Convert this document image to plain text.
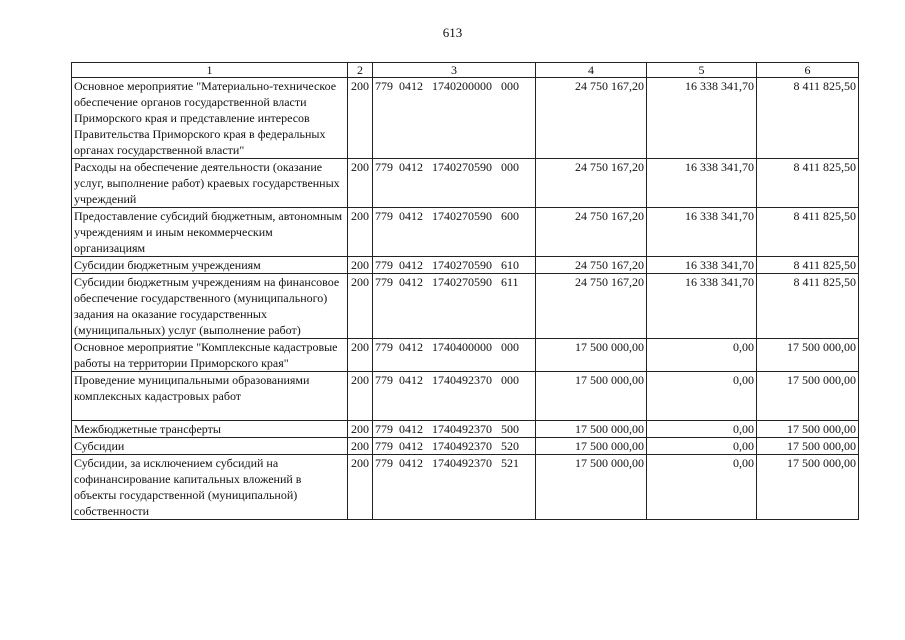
613
1	2	3	4	5	6
Основное мероприятие "Материально-техническое обеспечение органов государственной власти Приморского края и представление интересов Правительства Приморского края в федеральных органах государственной власти"	200	779  0412   1740200000   000	24 750 167,20	16 338 341,70	8 411 825,50
Расходы на обеспечение деятельности (оказание услуг, выполнение работ) краевых государственных учреждений	200	779  0412   1740270590   000	24 750 167,20	16 338 341,70	8 411 825,50
Предоставление субсидий бюджетным, автономным учреждениям и иным некоммерческим организациям	200	779  0412   1740270590   600	24 750 167,20	16 338 341,70	8 411 825,50
Субсидии бюджетным учреждениям	200	779  0412   1740270590   610	24 750 167,20	16 338 341,70	8 411 825,50
Субсидии бюджетным учреждениям на финансовое обеспечение государственного (муниципального) задания на оказание государственных (муниципальных) услуг (выполнение работ)	200	779  0412   1740270590   611	24 750 167,20	16 338 341,70	8 411 825,50
Основное мероприятие "Комплексные кадастровые работы на территории Приморского края"	200	779  0412   1740400000   000	17 500 000,00	0,00	17 500 000,00
Проведение муниципальными образованиями комплексных кадастровых работ	200	779  0412   1740492370   000	17 500 000,00	0,00	17 500 000,00
Межбюджетные трансферты	200	779  0412   1740492370   500	17 500 000,00	0,00	17 500 000,00
Субсидии	200	779  0412   1740492370   520	17 500 000,00	0,00	17 500 000,00
Субсидии, за исключением субсидий на софинансирование капитальных вложений в объекты государственной (муниципальной) собственности	200	779  0412   1740492370   521	17 500 000,00	0,00	17 500 000,00
